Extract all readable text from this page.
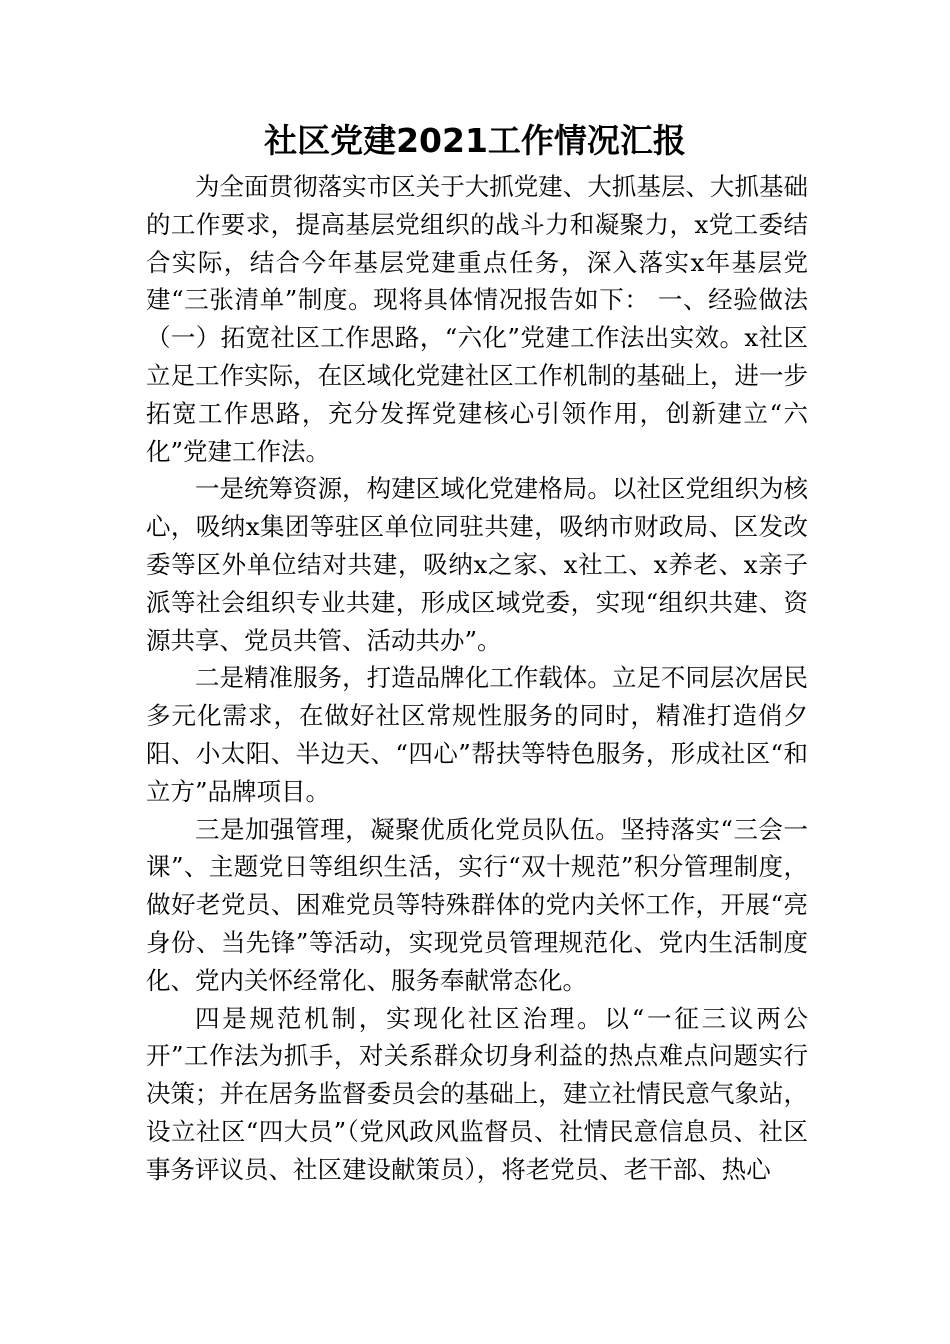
社区党建2021工作情况汇报

为全面贯彻落实市区关于大抓党建、大抓基层、大抓基础的工作要求，提高基层党组织的战斗力和凝聚力，x党工委结合实际，结合今年基层党建重点任务，深入落实x年基层党建“三张清单”制度。现将具体情况报告如下： 一、经验做法 （一）拓宽社区工作思路，“六化”党建工作法出实效。x社区立足工作实际，在区域化党建社区工作机制的基础上，进一步拓宽工作思路，充分发挥党建核心引领作用，创新建立“六化”党建工作法。

一是统筹资源，构建区域化党建格局。以社区党组织为核心，吸纳x集团等驻区单位同驻共建，吸纳市财政局、区发改委等区外单位结对共建，吸纳x之家、x社工、x养老、x亲子派等社会组织专业共建，形成区域党委，实现“组织共建、资源共享、党员共管、活动共办”。

二是精准服务，打造品牌化工作载体。立足不同层次居民多元化需求，在做好社区常规性服务的同时，精准打造俏夕阳、小太阳、半边天、“四心”帮扶等特色服务，形成社区“和立方”品牌项目。

三是加强管理，凝聚优质化党员队伍。坚持落实“三会一课”、主题党日等组织生活，实行“双十规范”积分管理制度，做好老党员、困难党员等特殊群体的党内关怀工作，开展“亮身份、当先锋”等活动，实现党员管理规范化、党内生活制度化、党内关怀经常化、服务奉献常态化。

四是规范机制，实现化社区治理。以“一征三议两公开”工作法为抓手，对关系群众切身利益的热点难点问题实行决策；并在居务监督委员会的基础上，建立社情民意气象站，设立社区“四大员”（党风政风监督员、社情民意信息员、社区事务评议员、社区建设献策员），将老党员、老干部、热心
